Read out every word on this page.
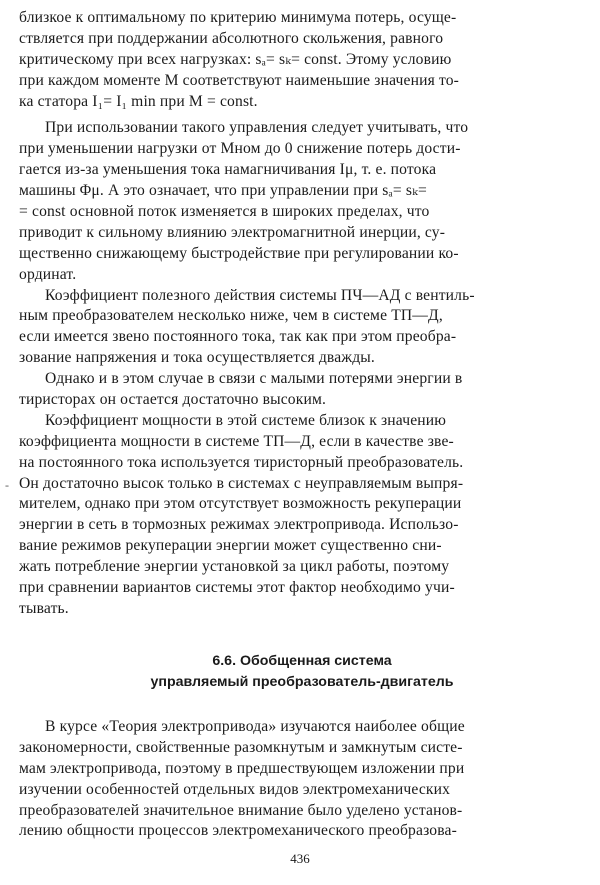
близкое к оптимальному по критерию минимума потерь, осуще-
ствляется при поддержании абсолютного скольжения, равного
критическому при всех нагрузках: sₐ= sₖ= const. Этому условию
при каждом моменте M соответствуют наименьшие значения то-
ка статора I₁= I₁ min при M = const.
При использовании такого управления следует учитывать, что
при уменьшении нагрузки от Mном до 0 снижение потерь дости-
гается из-за уменьшения тока намагничивания Iμ, т. е. потока
машины Φμ. А это означает, что при управлении при sₐ= sₖ=
= const основной поток изменяется в широких пределах, что
приводит к сильному влиянию электромагнитной инерции, су-
щественно снижающему быстродействие при регулировании ко-
ординат.
Коэффициент полезного действия системы ПЧ—АД с вентиль-
ным преобразователем несколько ниже, чем в системе ТП—Д,
если имеется звено постоянного тока, так как при этом преобра-
зование напряжения и тока осуществляется дважды.
Однако и в этом случае в связи с малыми потерями энергии в
тиристорах он остается достаточно высоким.
Коэффициент мощности в этой системе близок к значению
коэффициента мощности в системе ТП—Д, если в качестве зве-
на постоянного тока используется тиристорный преобразователь.
Он достаточно высок только в системах с неуправляемым выпря-
мителем, однако при этом отсутствует возможность рекуперации
энергии в сеть в тормозных режимах электропривода. Использо-
вание режимов рекуперации энергии может существенно сни-
жать потребление энергии установкой за цикл работы, поэтому
при сравнении вариантов системы этот фактор необходимо учи-
тывать.
-
6.6. Обобщенная система
управляемый преобразователь-двигатель
В курсе «Теория электропривода» изучаются наиболее общие
закономерности, свойственные разомкнутым и замкнутым систе-
мам электропривода, поэтому в предшествующем изложении при
изучении особенностей отдельных видов электромеханических
преобразователей значительное внимание было уделено установ-
лению общности процессов электромеханического преобразова-
436
